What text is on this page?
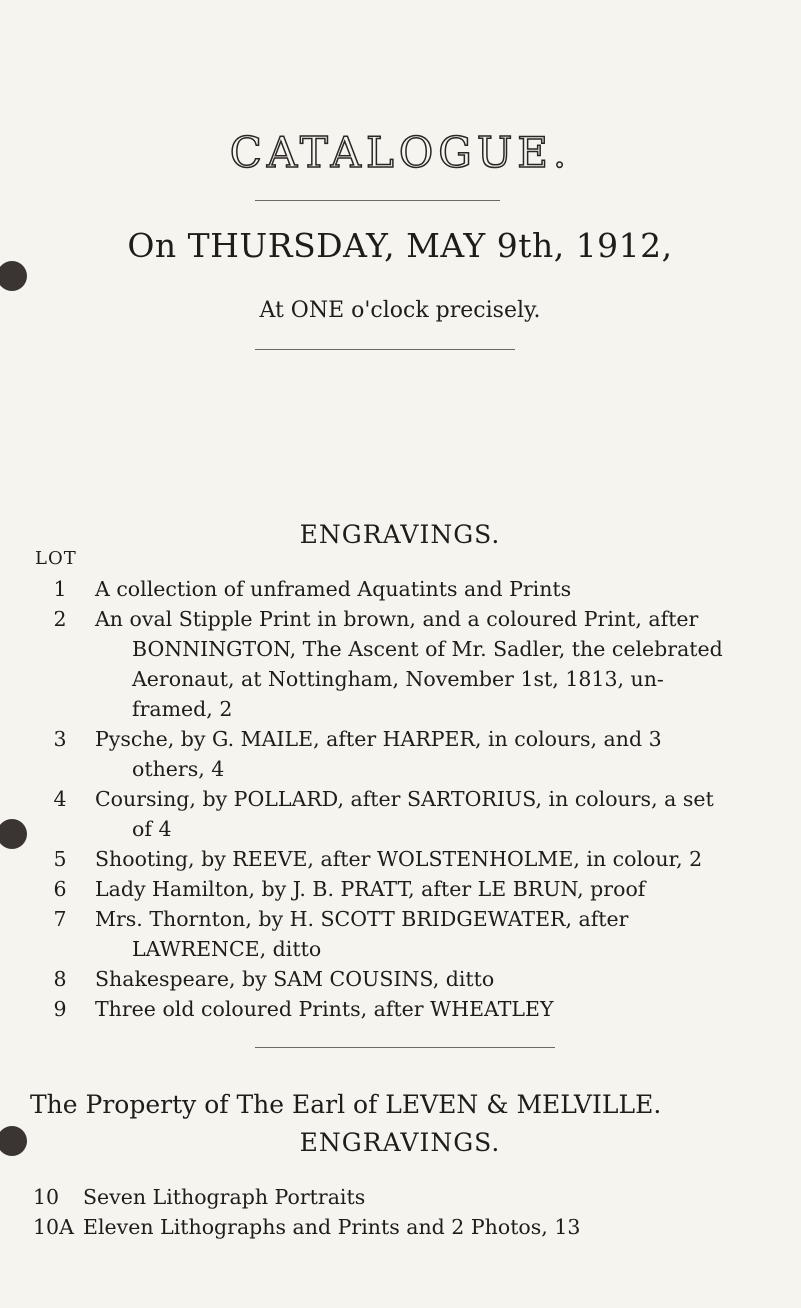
CATALOGUE.
On THURSDAY, MAY 9th, 1912,
At ONE o'clock precisely.
ENGRAVINGS.
LOT
1	A collection of unframed Aquatints and Prints
2	An oval Stipple Print in brown, and a coloured Print, after
BONNINGTON, The Ascent of Mr. Sadler, the celebrated
Aeronaut, at Nottingham, November 1st, 1813, un-
framed, 2
3	Pysche, by G. MAILE, after HARPER, in colours, and 3
others, 4
4	Coursing, by POLLARD, after SARTORIUS, in colours, a set
of 4
5	Shooting, by REEVE, after WOLSTENHOLME, in colour, 2
6	Lady Hamilton, by J. B. PRATT, after LE BRUN, proof
7	Mrs. Thornton, by H. SCOTT BRIDGEWATER, after
LAWRENCE, ditto
8	Shakespeare, by SAM COUSINS, ditto
9	Three old coloured Prints, after WHEATLEY
The Property of The Earl of LEVEN & MELVILLE.
ENGRAVINGS.
10 Seven Lithograph Portraits
10A Eleven Lithographs and Prints and 2 Photos, 13
